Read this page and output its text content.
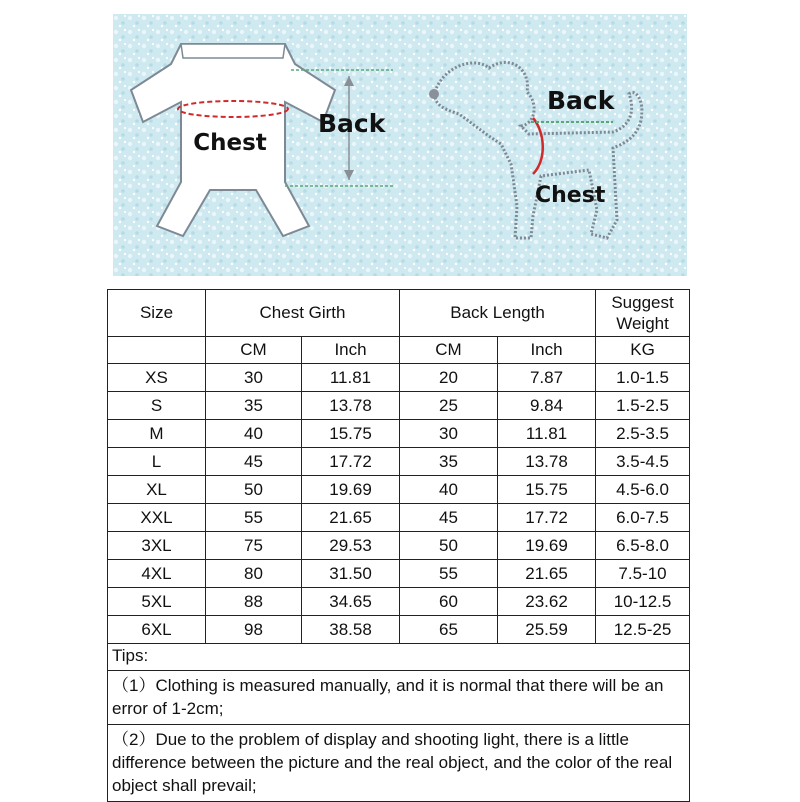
Chest
Back
Back
Chest
Size	Chest Girth		Back Length		Suggest Weight

	CM	Inch	CM	Inch	KG
XS	30	11.81	20	7.87	1.0-1.5
S	35	13.78	25	9.84	1.5-2.5
M	40	15.75	30	11.81	2.5-3.5
L	45	17.72	35	13.78	3.5-4.5
XL	50	19.69	40	15.75	4.5-6.0
XXL	55	21.65	45	17.72	6.0-7.5
3XL	75	29.53	50	19.69	6.5-8.0
4XL	80	31.50	55	21.65	7.5-10
5XL	88	34.65	60	23.62	10-12.5
6XL	98	38.58	65	25.59	12.5-25

Tips:
（1）Clothing is measured manually, and it is normal that there will be an error of 1-2cm;
（2）Due to the problem of display and shooting light, there is a little difference between the picture and the real object, and the color of the real object shall prevail;					
